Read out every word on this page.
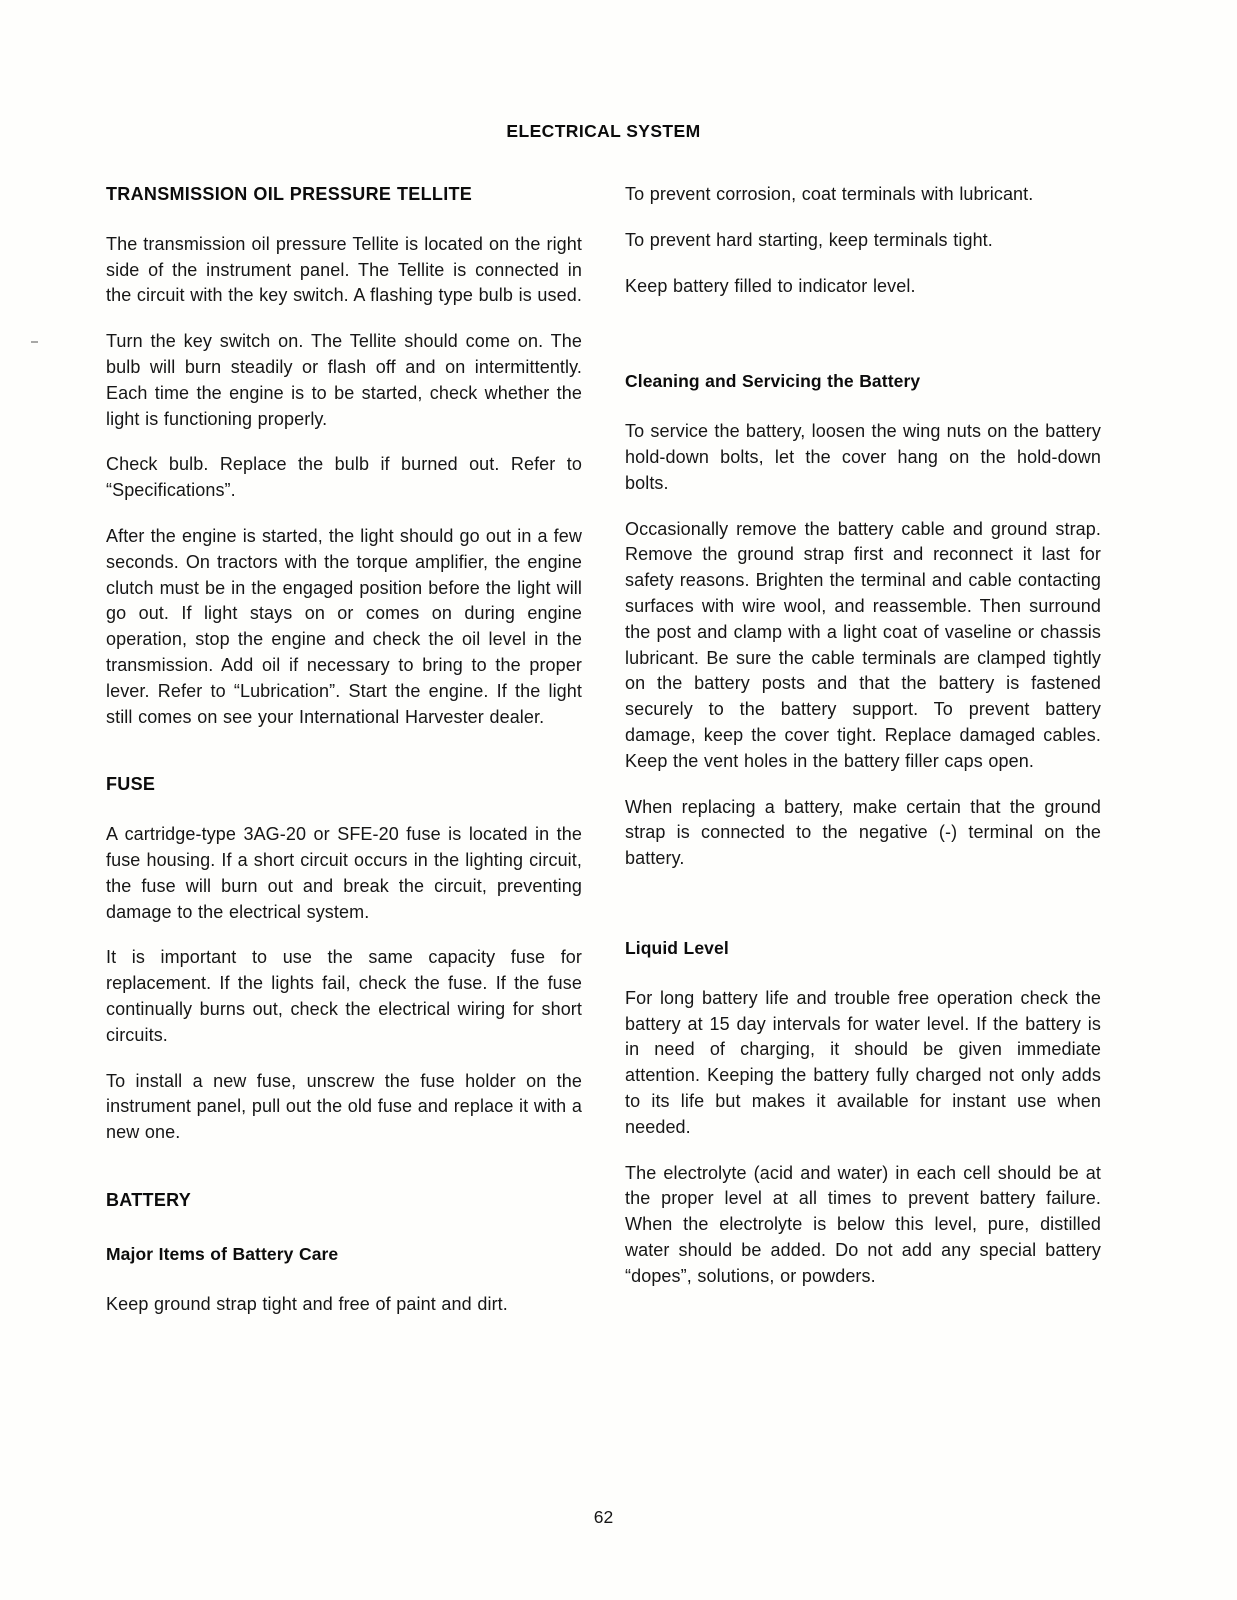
ELECTRICAL SYSTEM
TRANSMISSION OIL PRESSURE TELLITE

The transmission oil pressure Tellite is located on the right side of the instrument panel. The Tellite is connected in the circuit with the key switch. A flashing type bulb is used.

Turn the key switch on. The Tellite should come on. The bulb will burn steadily or flash off and on intermittently. Each time the engine is to be started, check whether the light is functioning properly.

Check bulb. Replace the bulb if burned out. Refer to “Specifications”.

After the engine is started, the light should go out in a few seconds. On tractors with the torque amplifier, the engine clutch must be in the engaged position before the light will go out. If light stays on or comes on during engine operation, stop the engine and check the oil level in the transmission. Add oil if necessary to bring to the proper lever. Refer to “Lubrication”. Start the engine. If the light still comes on see your International Harvester dealer.

FUSE

A cartridge-type 3AG-20 or SFE-20 fuse is located in the fuse housing. If a short circuit occurs in the lighting circuit, the fuse will burn out and break the circuit, preventing damage to the electrical system.

It is important to use the same capacity fuse for replacement. If the lights fail, check the fuse. If the fuse continually burns out, check the electrical wiring for short circuits.

To install a new fuse, unscrew the fuse holder on the instrument panel, pull out the old fuse and replace it with a new one.

BATTERY
Major Items of Battery Care

Keep ground strap tight and free of paint and dirt.

To prevent corrosion, coat terminals with lubricant.

To prevent hard starting, keep terminals tight.

Keep battery filled to indicator level.

Cleaning and Servicing the Battery

To service the battery, loosen the wing nuts on the battery hold-down bolts, let the cover hang on the hold-down bolts.

Occasionally remove the battery cable and ground strap. Remove the ground strap first and reconnect it last for safety reasons. Brighten the terminal and cable contacting surfaces with wire wool, and reassemble. Then surround the post and clamp with a light coat of vaseline or chassis lubricant. Be sure the cable terminals are clamped tightly on the battery posts and that the battery is fastened securely to the battery support. To prevent battery damage, keep the cover tight. Replace damaged cables. Keep the vent holes in the battery filler caps open.

When replacing a battery, make certain that the ground strap is connected to the negative (-) terminal on the battery.

Liquid Level

For long battery life and trouble free operation check the battery at 15 day intervals for water level. If the battery is in need of charging, it should be given immediate attention. Keeping the battery fully charged not only adds to its life but makes it available for instant use when needed.

The electrolyte (acid and water) in each cell should be at the proper level at all times to prevent battery failure. When the electrolyte is below this level, pure, distilled water should be added. Do not add any special battery “dopes”, solutions, or powders.

62
